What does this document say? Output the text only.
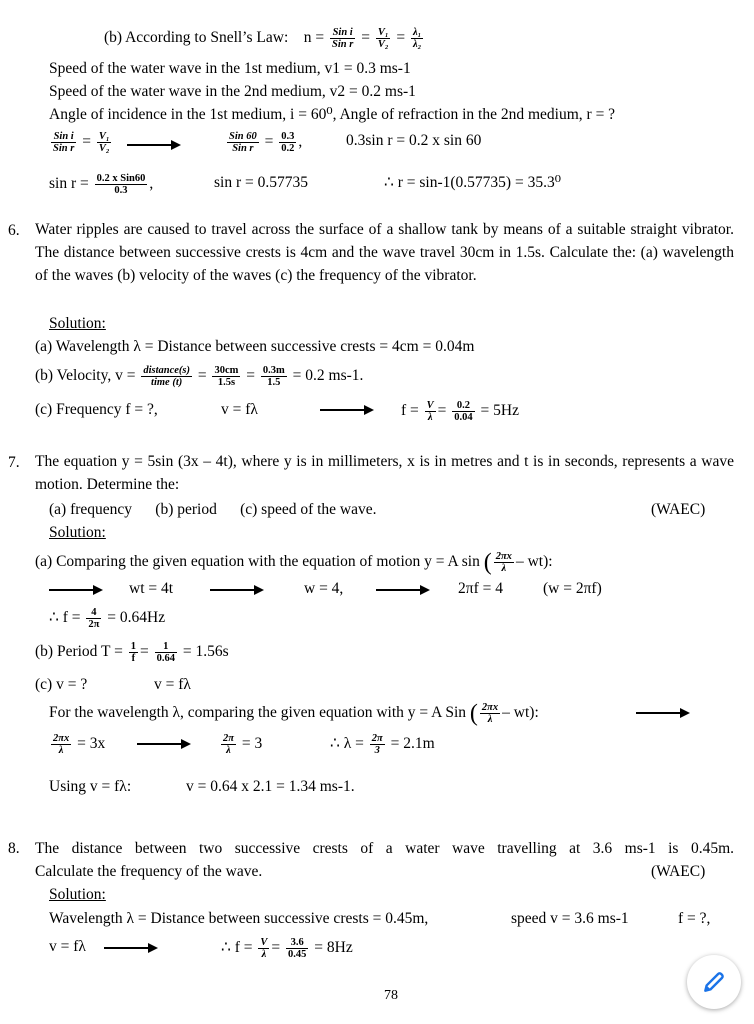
(b) According to Snell’s Law: n = Sin i
Sin $r = \frac{\text{V₁}}{\text{V₂}} = \frac{\text{λ₁}}{\text{λ₂}}$
Speed of the water wave in the 1st medium, v1 = 0.3 ms-1
Speed of the water wave in the 2nd medium, v2 = 0.2 ms-1
Angle of incidence in the 1st medium, i = 60⁰, Angle of refraction in the 2nd medium, r = ?
Sin i
Sin $r = \frac{\text{V₁}}{\text{V₂}}$	Sin 60
Sin $r = \frac{0.3}{0.2}$ ,	0.3sin r = 0.2 x sin 60
sin r = 0.2 x Sin60
0.3	,	sin r = 0.57735	∴ r = sin-1(0.57735) = 35.3⁰
6. Water ripples are caused to travel across the surface of a shallow tank by means of a suitable straight vibrator. The distance between successive crests is 4cm and the wave travel 30cm in 1.5s. Calculate the: (a) wavelength of the waves (b) velocity of the waves (c) the frequency of the vibrator.
Solution:
(a) Wavelength λ = Distance between successive crests = 4cm = 0.04m
(b) Velocity, v = distance(s)
time $(t) = \frac{30cm}{1.5s} = \frac{0.3m}{1.5} = 0.2$ ms-1.
(c) Frequency f = ?,	v = fλ	$f = \frac{V}{\lambda} = \frac{0.2}{0.04} = 5Hz$
7. The equation y = 5sin (3x – 4t), where y is in millimeters, x is in metres and t is in seconds, represents a wave motion. Determine the:
(a) frequency      (b) period      (c) speed of the wave.	(WAEC)
Solution:
(a) Comparing the given equation with the equation of motion y = A sin ( $\frac{2\pi x}{\lambda} - wt$):
wt = 4t	w = 4,	2πf = 4	(w = 2πf)
∴ $f = \frac{4}{2\pi} = 0.64Hz$
(b) Period $T = \frac{1}{f} = \frac{1}{0.64} = 1.56s$
(c) v = ?	v = fλ
For the wavelength λ, comparing the given equation with y = A Sin ( $\frac{2\pi x}{\lambda} - wt$):
$\frac{2\pi x}{\lambda} = 3x$	$\frac{2\pi}{\lambda} = 3$	∴ $\lambda = \frac{2\pi}{3} = 2.1m$
Using v = fλ:	v = 0.64 x 2.1 = 1.34 ms-1.
8. The distance between two successive crests of a water wave travelling at 3.6 ms-1 is 0.45m.
Calculate the frequency of the wave.	(WAEC)
Solution:
Wavelength λ = Distance between successive crests = 0.45m,	speed v = 3.6 ms-1	f = ?,
v = fλ	∴ $f = \frac{V}{\lambda} = \frac{3.6}{0.45} = 8Hz$
78
